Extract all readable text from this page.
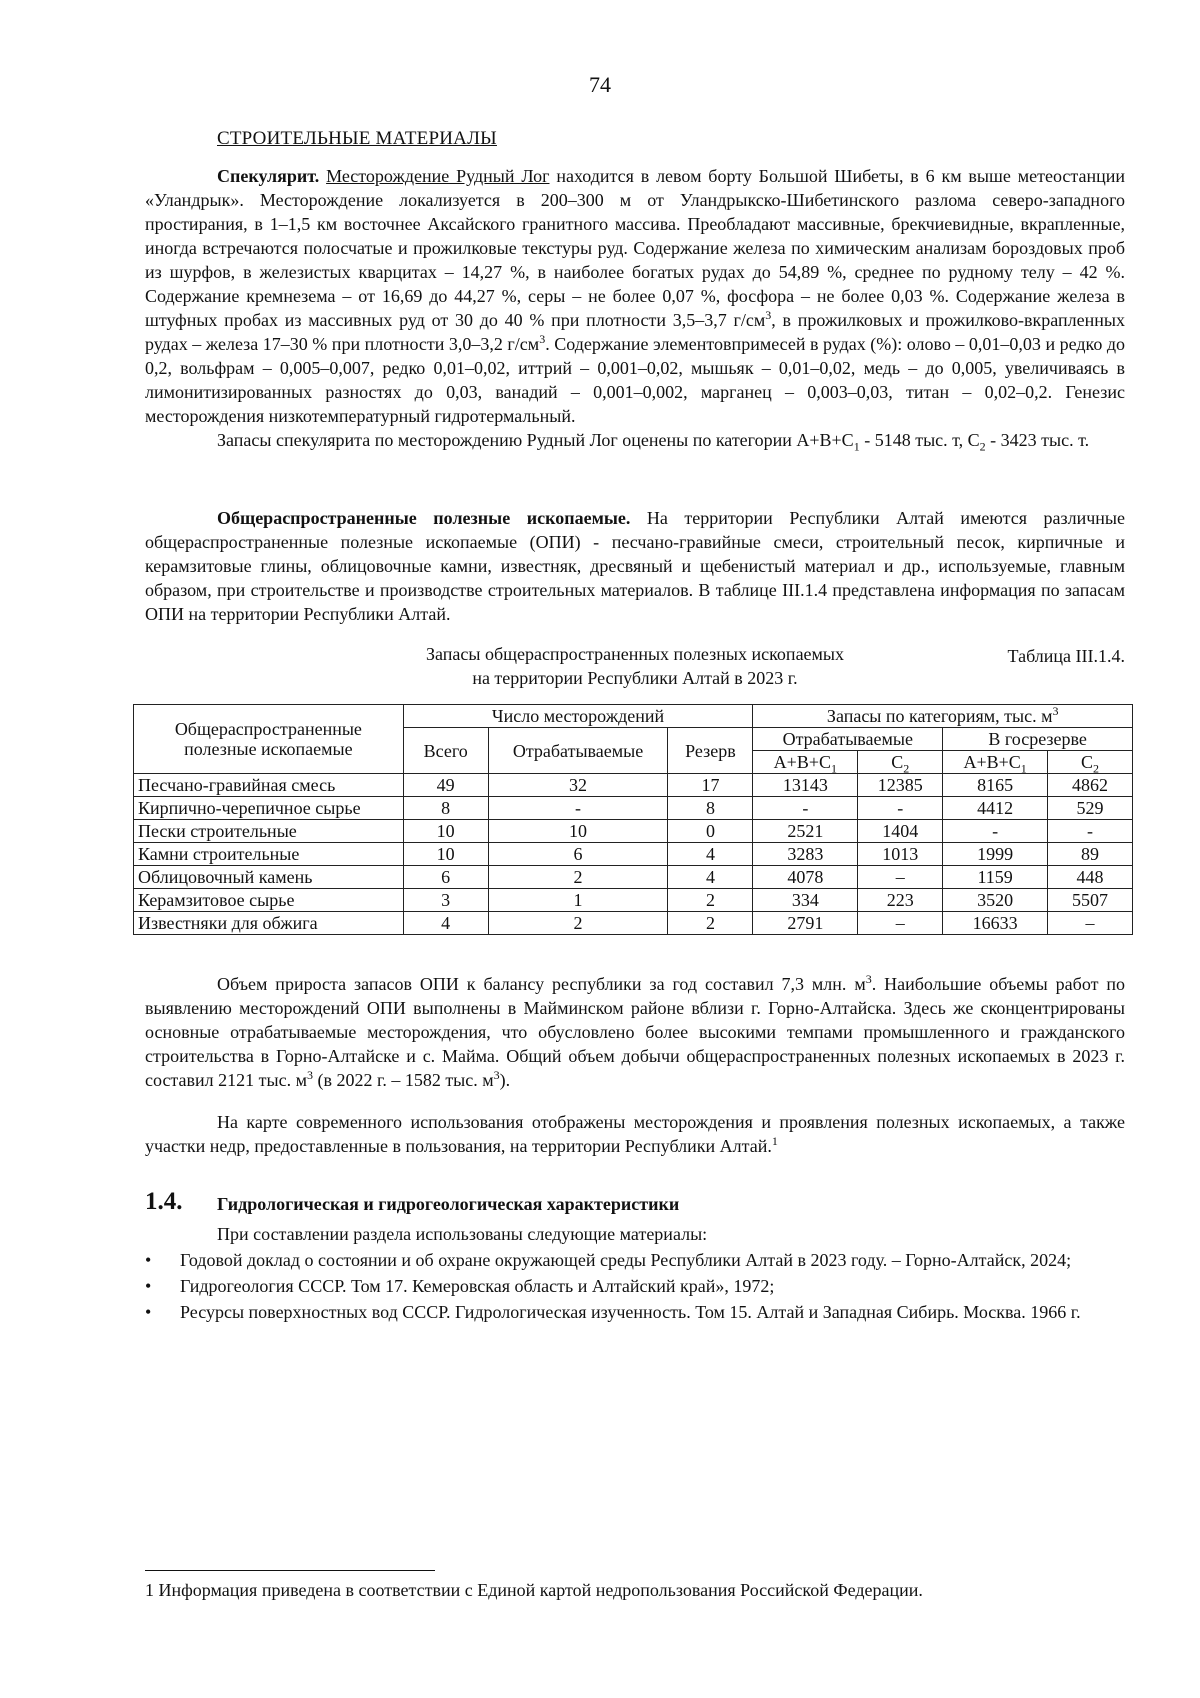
74
СТРОИТЕЛЬНЫЕ МАТЕРИАЛЫ

Спекулярит. Месторождение Рудный Лог находится в левом борту Большой Шибеты, в 6 км выше метеостанции «Уландрык». Месторождение локализуется в 200–300 м от Уландрыкско-Шибетинского разлома северо-западного простирания, в 1–1,5 км восточнее Аксайского гранитного массива. Преобладают массивные, брекчиевидные, вкрапленные, иногда встречаются полосчатые и прожилковые текстуры руд. Содержание железа по химическим анализам бороздовых проб из шурфов, в железистых кварцитах – 14,27 %, в наиболее богатых рудах до 54,89 %, среднее по рудному телу – 42 %. Содержание кремнезема – от 16,69 до 44,27 %, серы – не более 0,07 %, фосфора – не более 0,03 %. Содержание железа в штуфных пробах из массивных руд от 30 до 40 % при плотности 3,5–3,7 $г/см^3$, в прожилковых и прожилково-вкрапленных рудах – железа 17–30 % при плотности 3,0–3,2 $г/см^3$. Содержание элементовпримесей в рудах (%): олово – 0,01–0,03 и редко до 0,2, вольфрам – 0,005–0,007, редко 0,01–0,02, иттрий – 0,001–0,02, мышьяк – 0,01–0,02, медь – до 0,005, увеличиваясь в лимонитизированных разностях до 0,03, ванадий – 0,001–0,002, марганец – 0,003–0,03, титан – 0,02–0,2. Генезис месторождения низкотемпературный гидротермальный.

Запасы спекулярита по месторождению Рудный Лог оценены по категории $А+В+С_1 - 5148$ тыс. т, $С_2 - 3423$ тыс. т.

Общераспространенные полезные ископаемые. На территории Республики Алтай имеются различные общераспространенные полезные ископаемые (ОПИ) - песчано-гравийные смеси, строительный песок, кирпичные и керамзитовые глины, облицовочные камни, известняк, дресвяный и щебенистый материал и др., используемые, главным образом, при строительстве и производстве строительных материалов. В таблице III.1.4 представлена информация по запасам ОПИ на территории Республики Алтай.

Таблица III.1.4.
Запасы общераспространенных полезных ископаемых
на территории Республики Алтай в 2023 г.
Общераспространенные полезные ископаемые	Число месторождений			Запасы по категориям, тыс. $м^3$
	Всего	Отрабатываемые	Резерв	Отрабатываемые		В госрезерве	
				$А+В+С_1$	$С_2$	$А+В+С_1$	$С_2$
Песчано-гравийная смесь	49	32	17	13143	12385	8165	4862
Кирпично-черепичное сырье	8	-	8	-	-	4412	529
Пески строительные	10	10	0	2521	1404	-	-
Камни строительные	10	6	4	3283	1013	1999	89
Облицовочный камень	6	2	4	4078	–	1159	448
Керамзитовое сырье	3	1	2	334	223	3520	5507
Известняки для обжига	4	2	2	2791	–	16633	–

Объем прироста запасов ОПИ к балансу республики за год составил 7,3 млн. $м^3$. Наибольшие объемы работ по выявлению месторождений ОПИ выполнены в Майминском районе вблизи г. Горно-Алтайска. Здесь же сконцентрированы основные отрабатываемые месторождения, что обусловлено более высокими темпами промышленного и гражданского строительства в Горно-Алтайске и с. Майма. Общий объем добычи общераспространенных полезных ископаемых в 2023 г. составил 2121 тыс. $м^3$ (в 2022 г. – 1582 тыс. $м^3$).

На карте современного использования отображены месторождения и проявления полезных ископаемых, а также участки недр, предоставленные в пользования, на территории Республики Алтай.$^1$

1.4. Гидрологическая и гидрогеологическая характеристики

При составлении раздела использованы следующие материалы:

• Годовой доклад о состоянии и об охране окружающей среды Республики Алтай в 2023 году. – Горно-Алтайск, 2024;
• Гидрогеология СССР. Том 17. Кемеровская область и Алтайский край», 1972;
• Ресурсы поверхностных вод СССР. Гидрологическая изученность. Том 15. Алтай и Западная Сибирь. Москва. 1966 г.
1 Информация приведена в соответствии с Единой картой недропользования Российской Федерации.
